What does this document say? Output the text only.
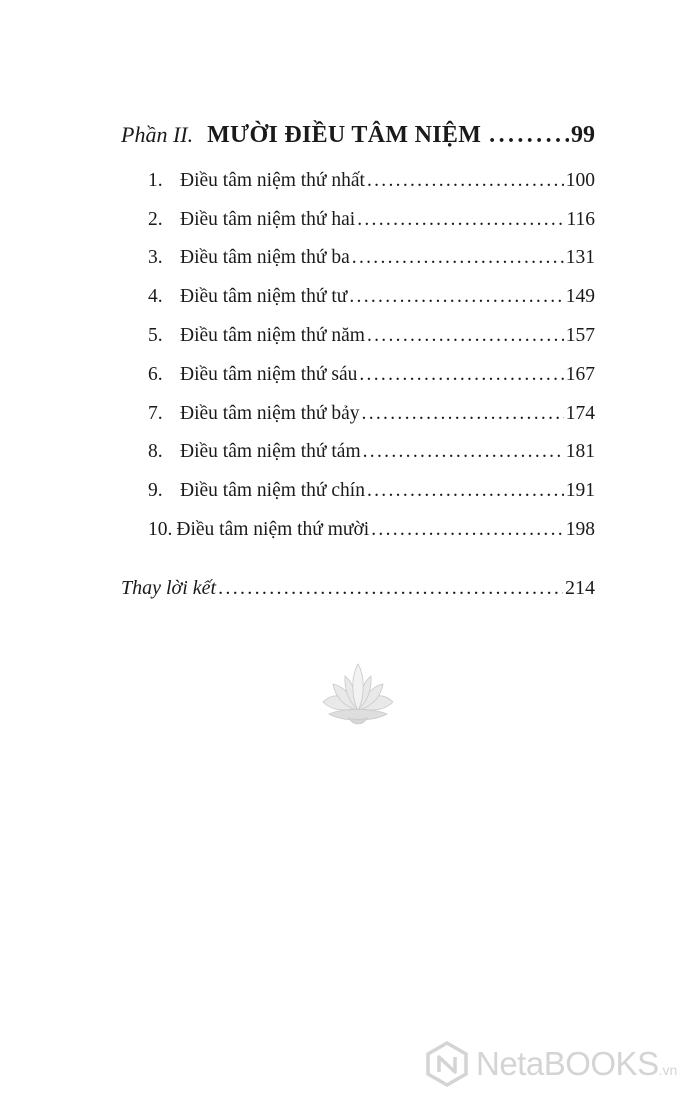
Phần II. MƯỜI ĐIỀU TÂM NIỆM .....	99
1. Điều tâm niệm thứ nhất .....	100
2. Điều tâm niệm thứ hai .....	116
3. Điều tâm niệm thứ ba .....	131
4. Điều tâm niệm thứ tư .....	149
5. Điều tâm niệm thứ năm .....	157
6. Điều tâm niệm thứ sáu .....	167
7. Điều tâm niệm thứ bảy .....	174
8. Điều tâm niệm thứ tám .....	181
9. Điều tâm niệm thứ chín .....	191
10. Điều tâm niệm thứ mười .....	198
Thay lời kết .....	214
NetaBOOKS.vn
